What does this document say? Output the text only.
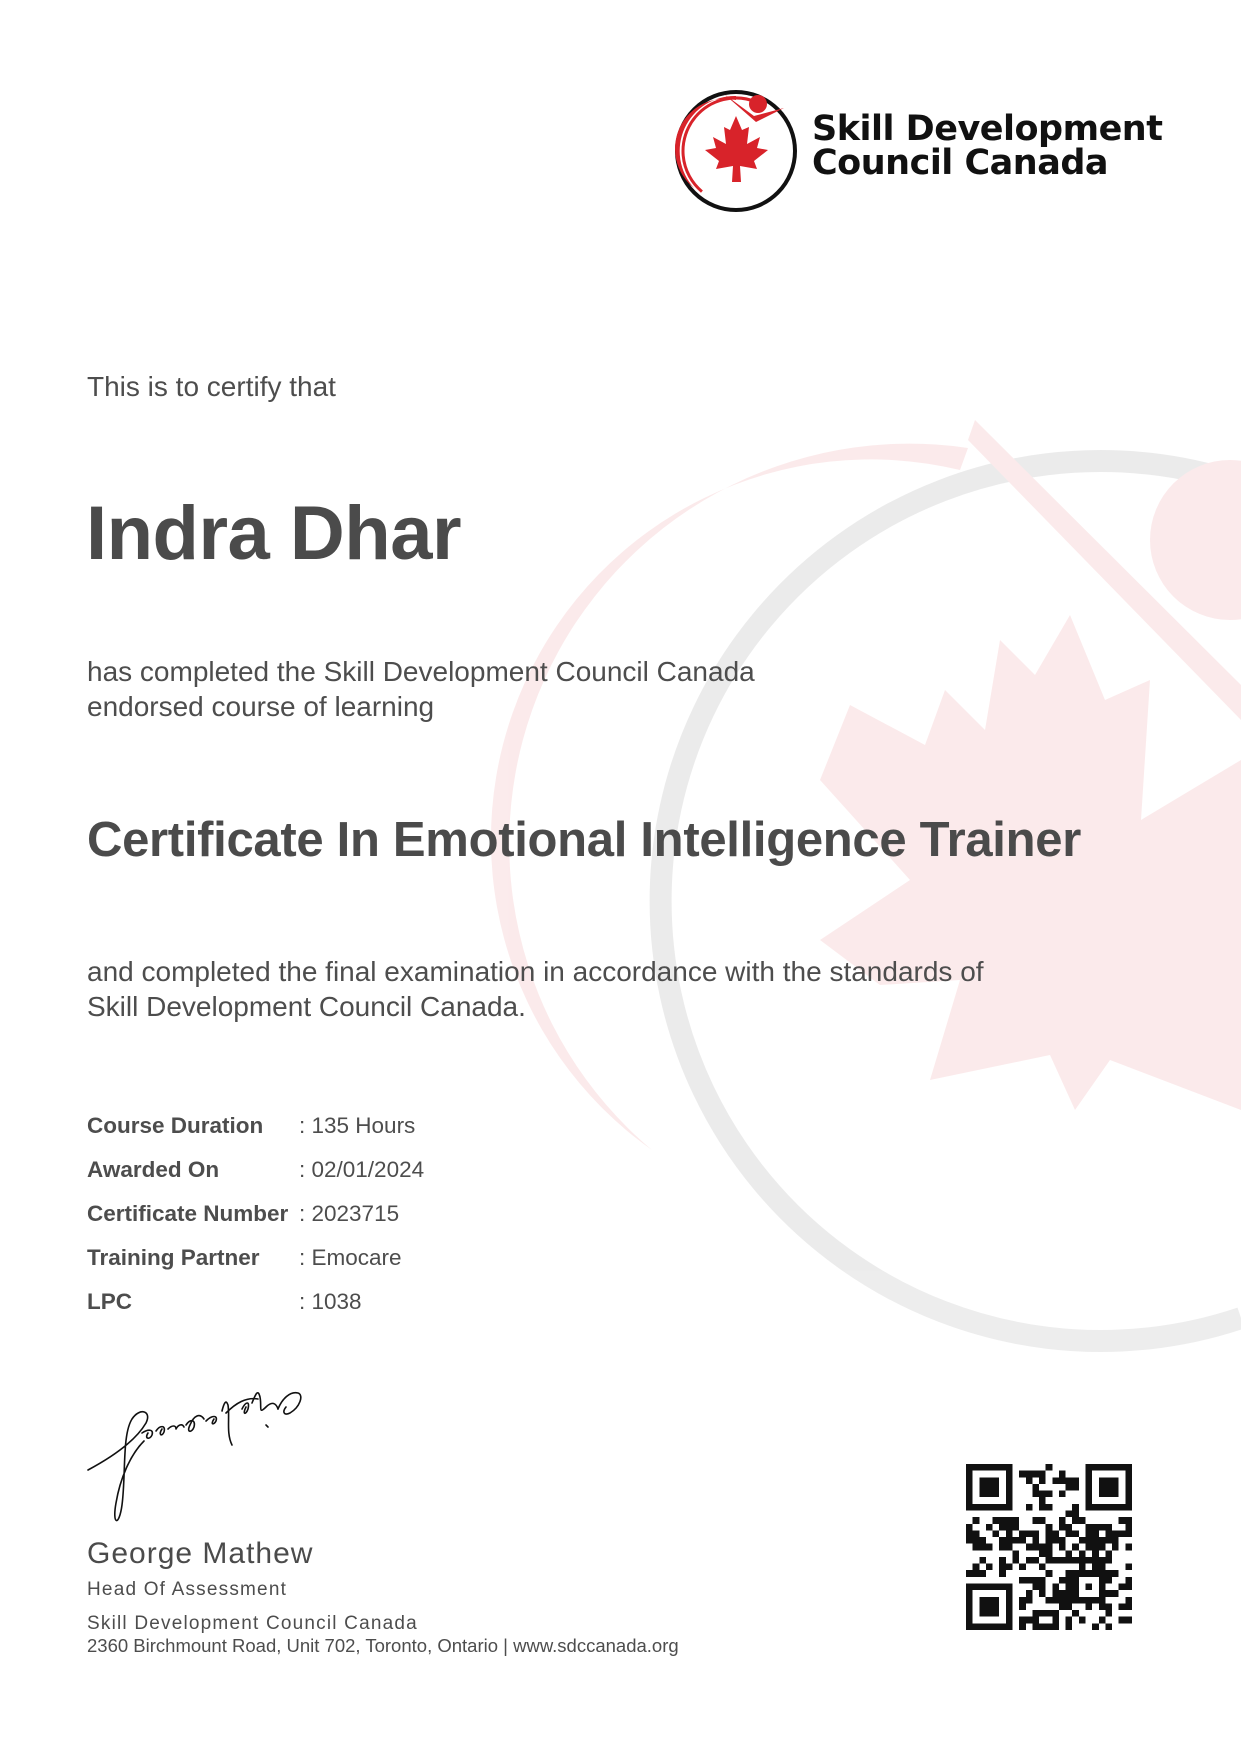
Skill Development
Council Canada
This is to certify that
Indra Dhar
has completed the Skill Development Council Canada
endorsed course of learning
Certificate In Emotional Intelligence Trainer
and completed the final examination in accordance with the standards of
Skill Development Council Canada.
Course Duration : 135 Hours
Awarded On	: 02/01/2024
Certificate Number : 2023715
Training Partner : Emocare
LPC	: 1038
George Mathew
Head Of Assessment
Skill Development Council Canada
2360 Birchmount Road, Unit 702, Toronto, Ontario | www.sdccanada.org
